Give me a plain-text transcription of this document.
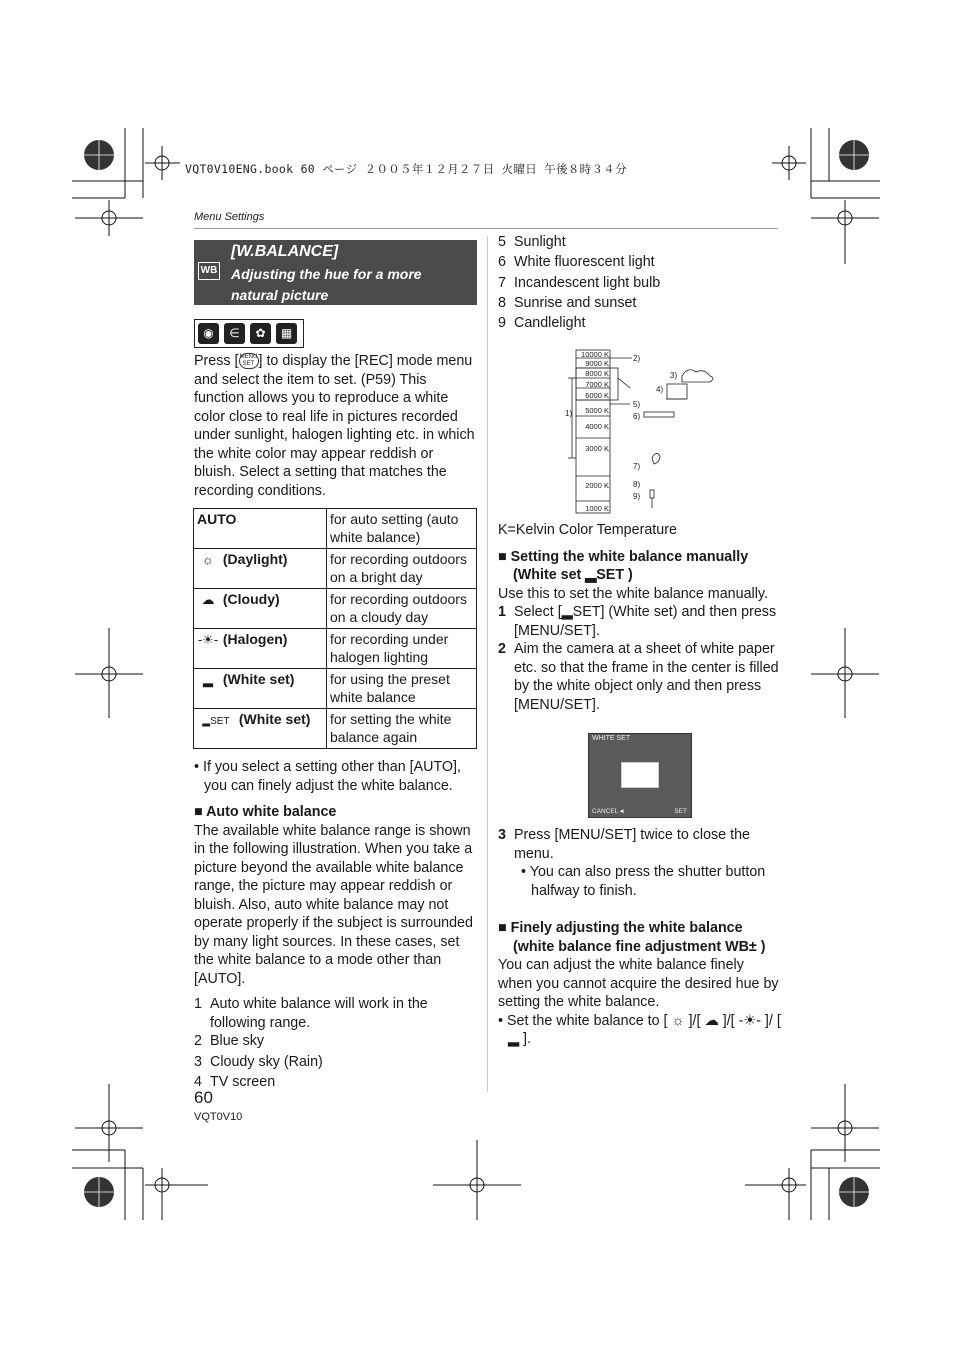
VQT0V10ENG.book 60 ページ ２００５年１２月２７日 火曜日 午後８時３４分
Menu Settings
WB
[W.BALANCE]
Adjusting the hue for a more natural picture
◉	∈	✿	▦
Press [MENU SET ] to display the [REC] mode menu and select the item to set. (P59) This function allows you to reproduce a white color close to real life in pictures recorded under sunlight, halogen lighting etc. in which the white color may appear reddish or bluish. Select a setting that matches the recording conditions.
AUTO	for auto setting (auto white balance)
☼ (Daylight)	for recording outdoors on a bright day
☁ (Cloudy)	for recording outdoors on a cloudy day
-☀- (Halogen)	for recording under halogen lighting
▂ (White set)	for using the preset white balance
▂SET (White set)	for setting the white balance again

• If you select a setting other than [AUTO], you can finely adjust the white balance.

■ Auto white balance

The available white balance range is shown in the following illustration. When you take a picture beyond the available white balance range, the picture may appear reddish or bluish. Also, auto white balance may not operate properly if the subject is surrounded by many light sources. In these cases, set the white balance to a mode other than [AUTO].

1 Auto white balance will work in the following range.
2 Blue sky
3 Cloudy sky (Rain)
4 TV screen
5 Sunlight
6 White fluorescent light
7 Incandescent light bulb
8 Sunrise and sunset
9 Candlelight
10000 K
9000 K
8000 K
7000 K
6000 K
5000 K
4000 K
3000 K
2000 K
1000 K
1)
2)
3)
4)
5)
6)
7)
8)
9)

K=Kelvin Color Temperature

■ Setting the white balance manually (White set ▂SET )

Use this to set the white balance manually.

1 Select [▂SET] (White set) and then press [MENU/SET].
2 Aim the camera at a sheet of white paper etc. so that the frame in the center is filled by the white object only and then press [MENU/SET].
WHITE SET
CANCEL◄	SET
3 Press [MENU/SET] twice to close the menu.

• You can also press the shutter button halfway to finish.

■ Finely adjusting the white balance (white balance fine adjustment WB± )

You can adjust the white balance finely when you cannot acquire the desired hue by setting the white balance.

• Set the white balance to [ ☼ ]/[ ☁ ]/[ -☀- ]/ [ ▂ ].

60
VQT0V10
